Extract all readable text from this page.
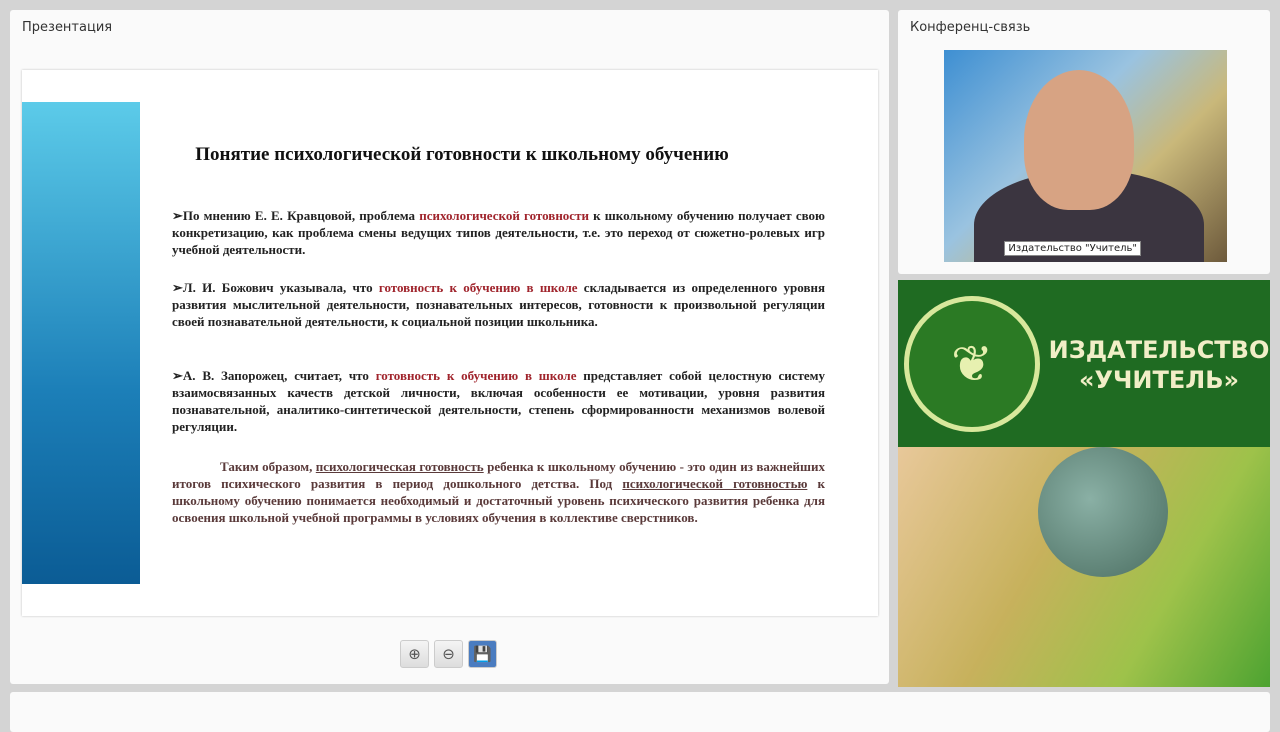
Презентация
Понятие психологической готовности к школьному обучению
➢По мнению Е. Е. Кравцовой, проблема психологической готовности к школьному обучению получает свою конкретизацию, как проблема смены ведущих типов деятельности, т.е. это переход от сюжетно-ролевых игр учебной деятельности.
➢Л. И. Божович указывала, что готовность к обучению в школе складывается из определенного уровня развития мыслительной деятельности, познавательных интересов, готовности к произвольной регуляции своей познавательной деятельности, к социальной позиции школьника.
➢А. В. Запорожец, считает, что готовность к обучению в школе представляет собой целостную систему взаимосвязанных качеств детской личности, включая особенности ее мотивации, уровня развития познавательной, аналитико-синтетической деятельности, степень сформированности механизмов волевой регуляции.
Таким образом, психологическая готовность ребенка к школьному обучению - это один из важнейших итогов психического развития в период дошкольного детства. Под психологической готовностью к школьному обучению понимается необходимый и достаточный уровень психического развития ребенка для освоения школьной учебной программы в условиях обучения в коллективе сверстников.
⊕ ⊖ 💾
Конференц-связь
Издательство "Учитель"
❦	ИЗДАТЕЛЬСТВО
«УЧИТЕЛЬ»
